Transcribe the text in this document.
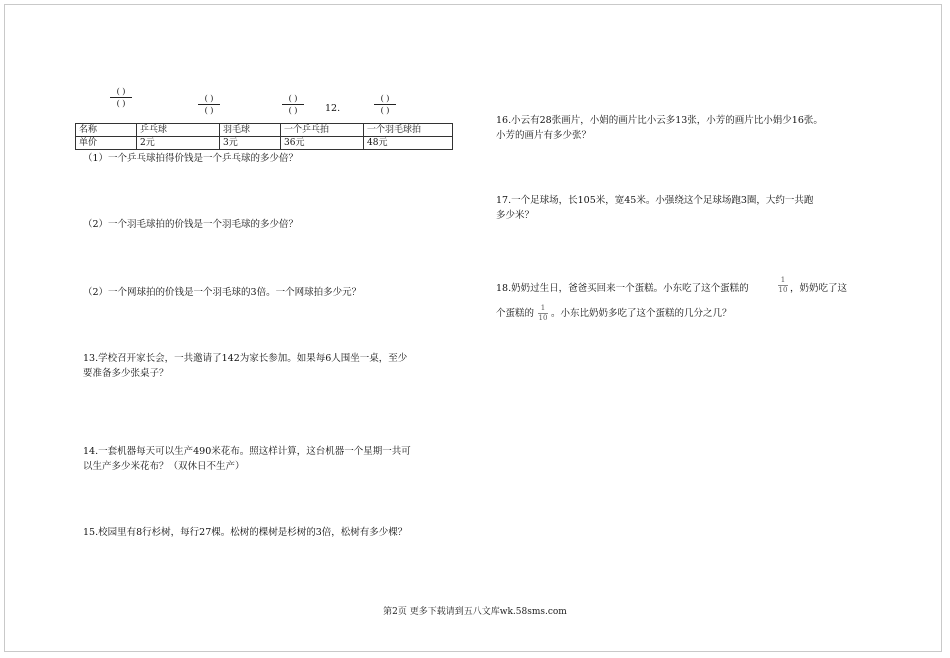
( )
( )
( )
( )
( )
( )	12.
( )
( )
名称	乒乓球	羽毛球	一个乒乓拍	一个羽毛球拍
单价	2元	3元	36元	48元
（1）一个乒乓球拍得价钱是一个乒乓球的多少倍？
（2）一个羽毛球拍的价钱是一个羽毛球的多少倍？
（2）一个网球拍的价钱是一个羽毛球的3倍。一个网球拍多少元？
13.学校召开家长会，一共邀请了142为家长参加。如果每6人围坐一桌，至少
要准备多少张桌子？
14.一套机器每天可以生产490米花布。照这样计算，这台机器一个星期一共可
以生产多少米花布？（双休日不生产）
15.校园里有8行杉树，每行27棵。松树的棵树是杉树的3倍，松树有多少棵？
16.小云有28张画片，小娟的画片比小云多13张，小芳的画片比小娟少16张。
小芳的画片有多少张？
17.一个足球场，长105米，宽45米。小强绕这个足球场跑3圈，大约一共跑
多少米？
18.奶奶过生日，爸爸买回来一个蛋糕。小东吃了这个蛋糕的
1
10 ，奶奶吃了这
个蛋糕的 1
10 。小东比奶奶多吃了这个蛋糕的几分之几？
第2页 更多下载请到五八文库wk.58sms.com
